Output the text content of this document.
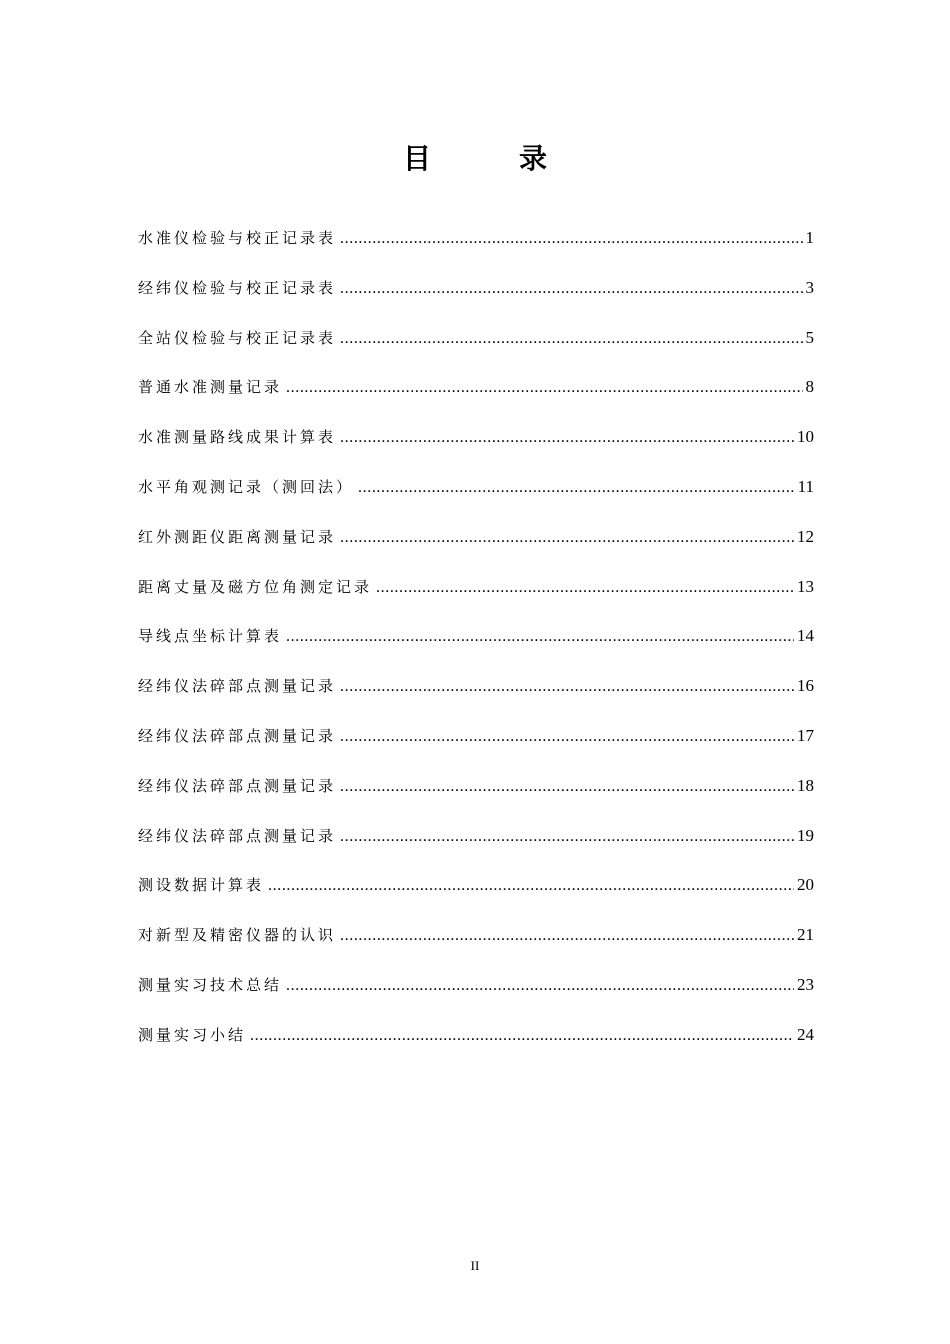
目	录
水准仪检验与校正记录表 .....	1
经纬仪检验与校正记录表 .....	3
全站仪检验与校正记录表 .....	5
普通水准测量记录 .....	8
水准测量路线成果计算表 .....	10
水平角观测记录（测回法） .....	11
红外测距仪距离测量记录 .....	12
距离丈量及磁方位角测定记录 .....	13
导线点坐标计算表 .....	14
经纬仪法碎部点测量记录 .....	16
经纬仪法碎部点测量记录 .....	17
经纬仪法碎部点测量记录 .....	18
经纬仪法碎部点测量记录 .....	19
测设数据计算表 .....	20
对新型及精密仪器的认识 .....	21
测量实习技术总结 .....	23
测量实习小结 .....	24
II
